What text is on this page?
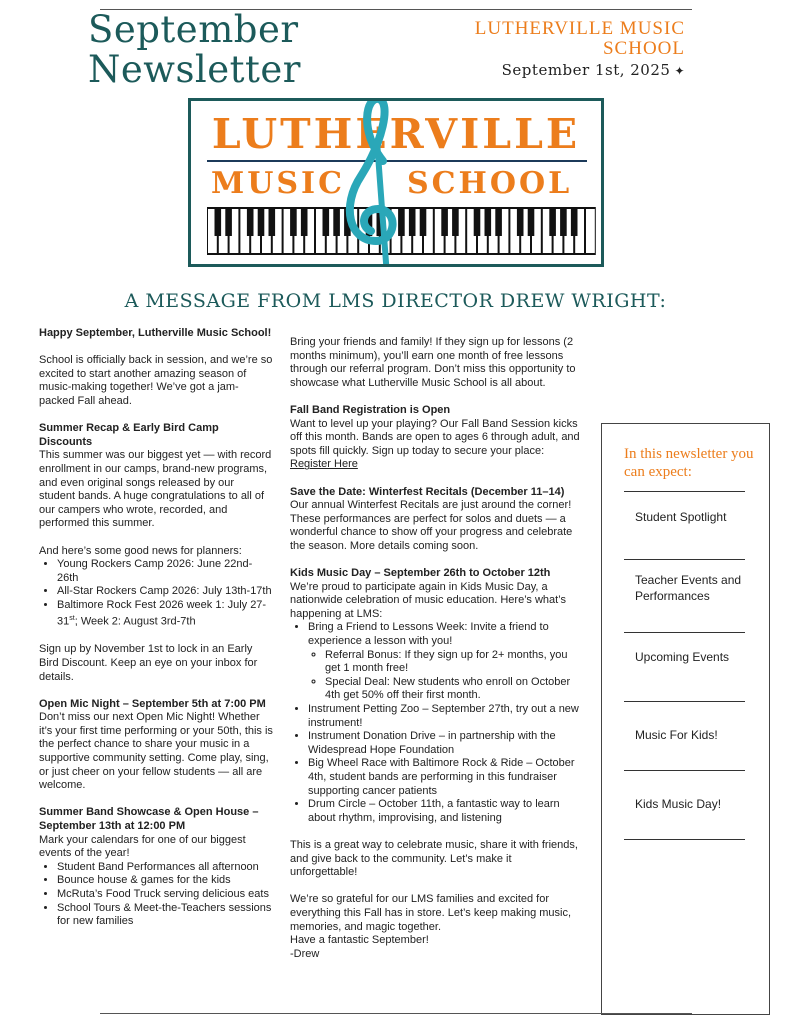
September
Newsletter
LUTHERVILLE MUSIC
SCHOOL
September 1st, 2025 ✦
LUTHERVILLE
MUSIC SCHOOL
A MESSAGE FROM LMS DIRECTOR DREW WRIGHT:

Happy September, Lutherville Music School!

School is officially back in session, and we’re so excited to start another amazing season of music-making together! We’ve got a jam-packed Fall ahead.

Summer Recap & Early Bird Camp Discounts

This summer was our biggest yet — with record enrollment in our camps, brand-new programs, and even original songs released by our student bands. A huge congratulations to all of our campers who wrote, recorded, and performed this summer.

And here’s some good news for planners:
• Young Rockers Camp 2026: June 22nd-26th
• All-Star Rockers Camp 2026: July 13th-17th
• Baltimore Rock Fest 2026 week 1: July 27-31st; Week 2: August 3rd-7th

Sign up by November 1st to lock in an Early Bird Discount. Keep an eye on your inbox for details.

Open Mic Night – September 5th at 7:00 PM

Don’t miss our next Open Mic Night! Whether it’s your first time performing or your 50th, this is the perfect chance to share your music in a supportive community setting. Come play, sing, or just cheer on your fellow students — all are welcome.

Summer Band Showcase & Open House – September 13th at 12:00 PM
Mark your calendars for one of our biggest events of the year!
• Student Band Performances all afternoon
• Bounce house & games for the kids
• McRuta’s Food Truck serving delicious eats
• School Tours & Meet-the-Teachers sessions for new families

Bring your friends and family! If they sign up for lessons (2 months minimum), you’ll earn one month of free lessons through our referral program. Don’t miss this opportunity to showcase what Lutherville Music School is all about.

Fall Band Registration is Open
Want to level up your playing? Our Fall Band Session kicks off this month. Bands are open to ages 6 through adult, and spots fill quickly. Sign up today to secure your place:

Register Here

Save the Date: Winterfest Recitals (December 11–14)

Our annual Winterfest Recitals are just around the corner! These performances are perfect for solos and duets — a wonderful chance to show off your progress and celebrate the season. More details coming soon.

Kids Music Day – September 26th to October 12th
We’re proud to participate again in Kids Music Day, a nationwide celebration of music education. Here’s what’s happening at LMS:
• Bring a Friend to Lessons Week: Invite a friend to experience a lesson with you!
◦ Referral Bonus: If they sign up for 2+ months, you get 1 month free!
◦ Special Deal: New students who enroll on October 4th get 50% off their first month.
• Instrument Petting Zoo – September 27th, try out a new instrument!
• Instrument Donation Drive – in partnership with the Widespread Hope Foundation
• Big Wheel Race with Baltimore Rock & Ride – October 4th, student bands are performing in this fundraiser supporting cancer patients
• Drum Circle – October 11th, a fantastic way to learn about rhythm, improvising, and listening

This is a great way to celebrate music, share it with friends, and give back to the community. Let’s make it unforgettable!

We’re so grateful for our LMS families and excited for everything this Fall has in store. Let’s keep making music, memories, and magic together.
Have a fantastic September!
-Drew
In this newsletter you can expect:
Student Spotlight
Teacher Events and Performances
Upcoming Events
Music For Kids!
Kids Music Day!
